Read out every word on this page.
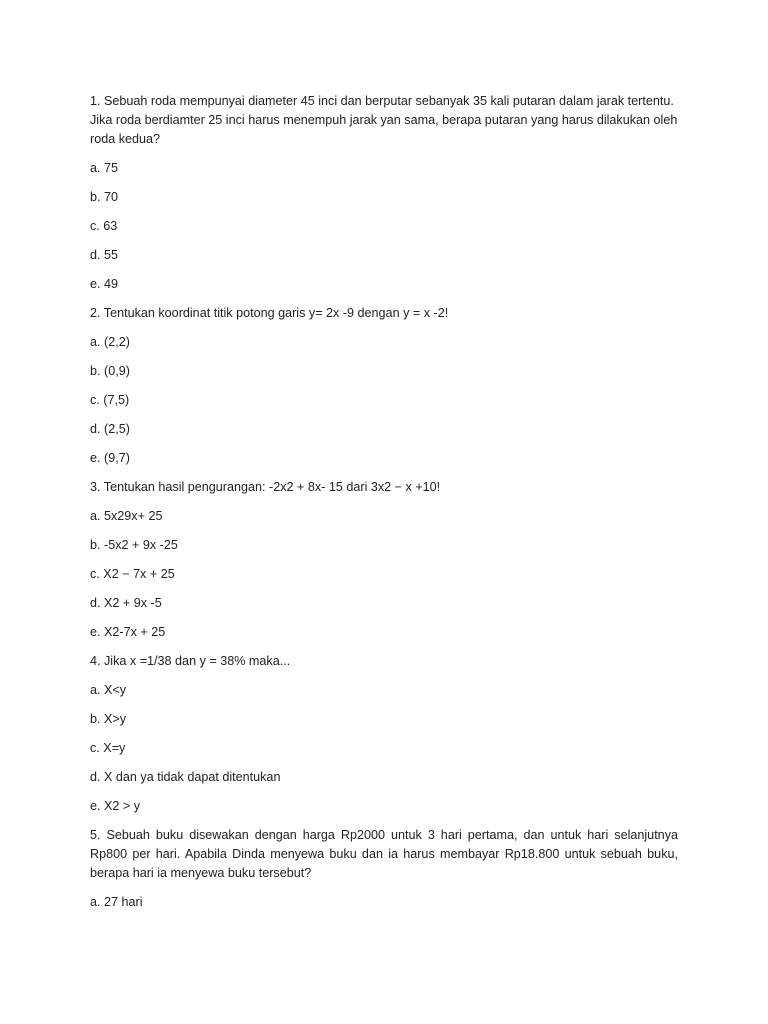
1. Sebuah roda mempunyai diameter 45 inci dan berputar sebanyak 35 kali putaran dalam jarak tertentu. Jika roda berdiamter 25 inci harus menempuh jarak yan sama, berapa putaran yang harus dilakukan oleh roda kedua?

a. 75
b. 70
c. 63
d. 55
e. 49

2. Tentukan koordinat titik potong garis y= 2x -9 dengan y = x -2!

a. (2,2)
b. (0,9)
c. (7,5)
d. (2,5)
e. (9,7)

3. Tentukan hasil pengurangan: -2x2 + 8x- 15 dari 3x2 − x +10!

a. 5x29x+ 25
b. -5x2 + 9x -25
c. X2 − 7x + 25
d. X2 + 9x -5
e. X2-7x + 25

4. Jika x =1/38 dan y = 38% maka...

a. X<y
b. X>y
c. X=y
d. X dan ya tidak dapat ditentukan
e. X2 > y

5. Sebuah buku disewakan dengan harga Rp2000 untuk 3 hari pertama, dan untuk hari selanjutnya Rp800 per hari. Apabila Dinda menyewa buku dan ia harus membayar Rp18.800 untuk sebuah buku, berapa hari ia menyewa buku tersebut?

a. 27 hari
